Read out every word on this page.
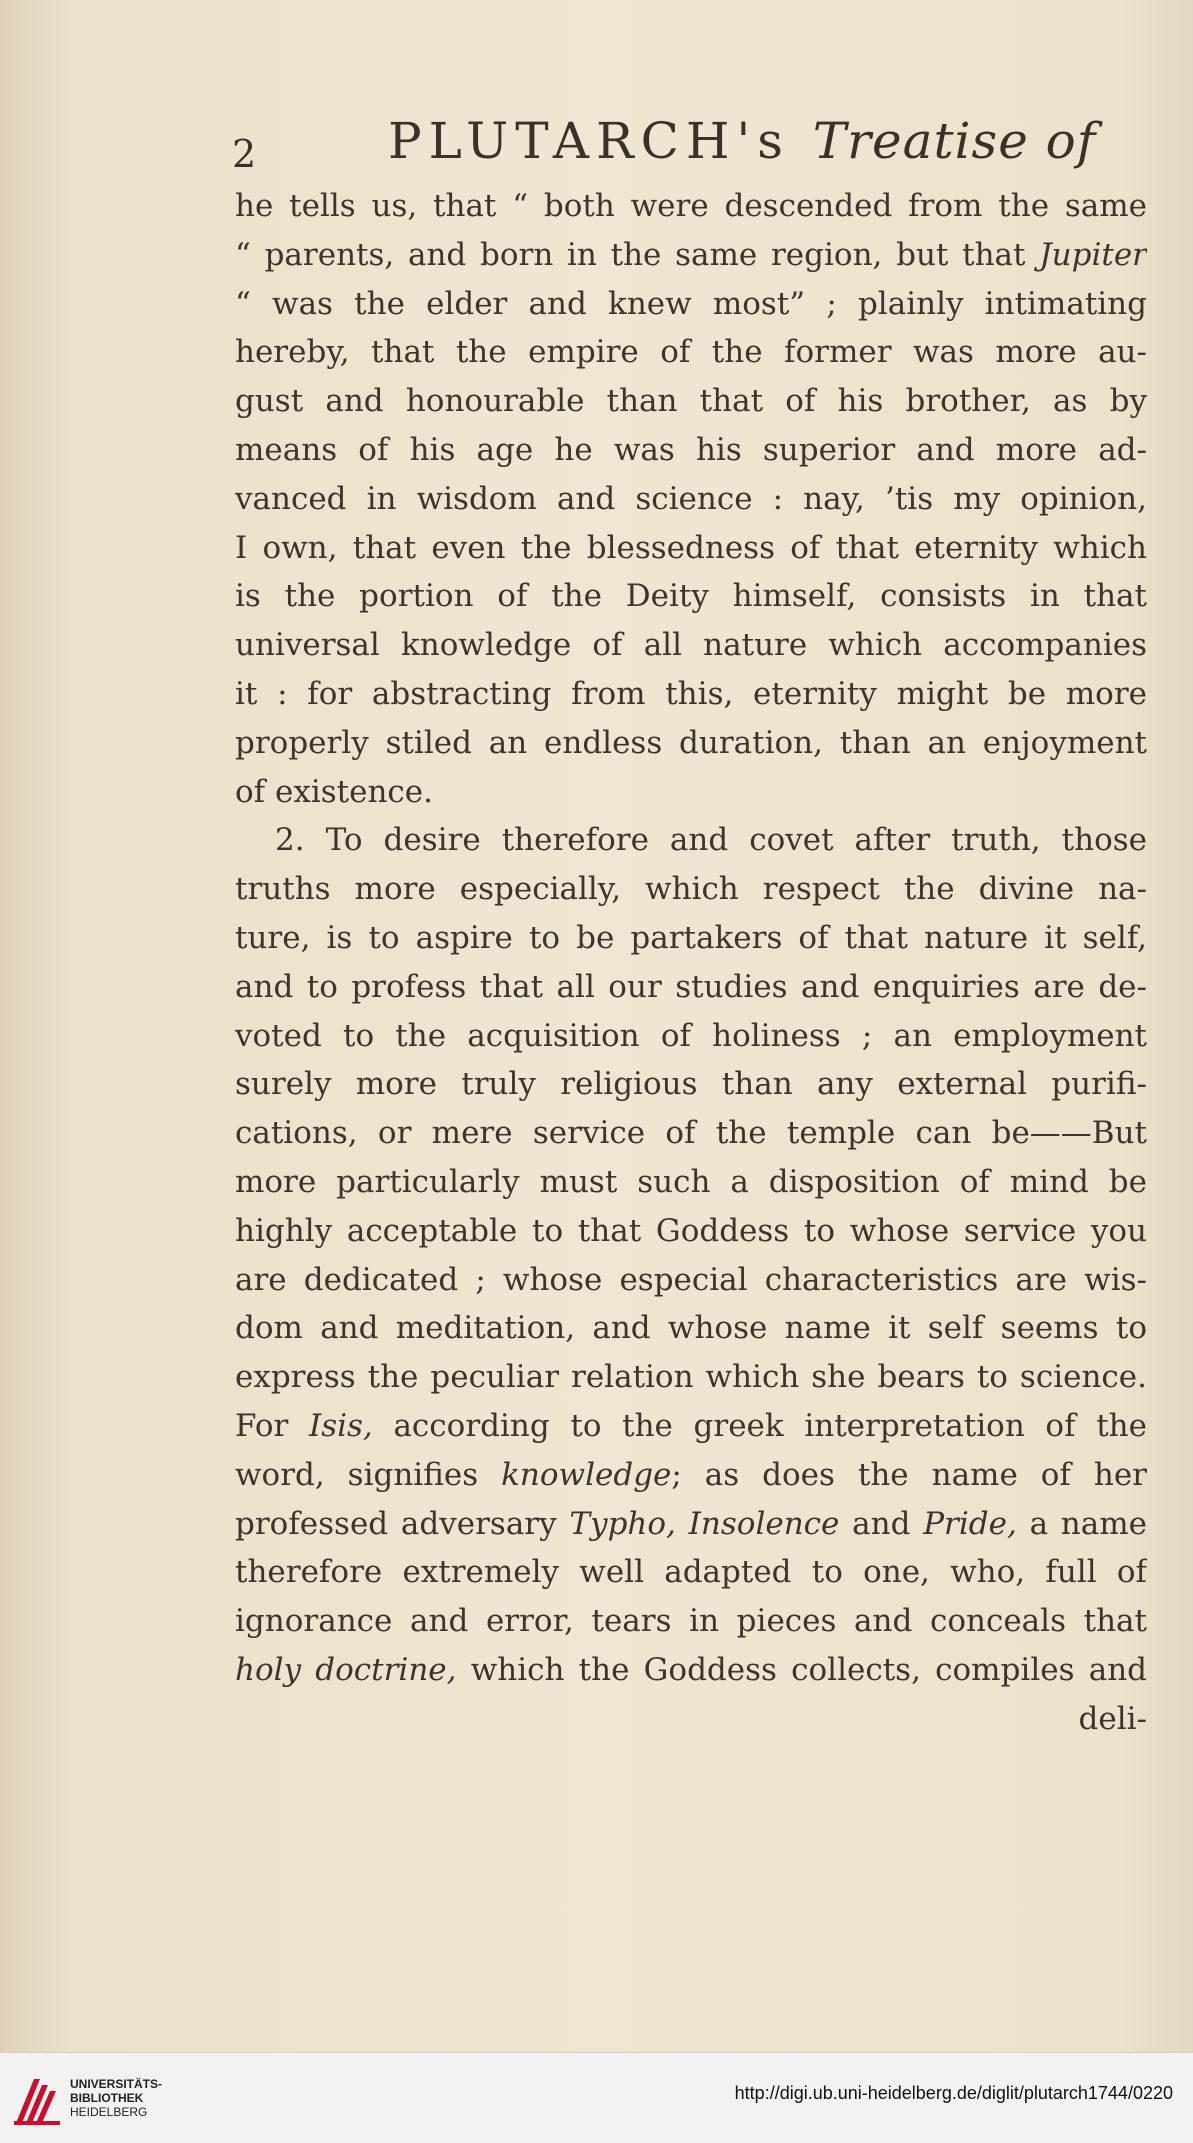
2	PLUTARCH's Treatise of
he tells us, that “ both were descended from the same
“ parents, and born in the same region, but that Jupiter
“ was the elder and knew most” ; plainly intimating
hereby, that the empire of the former was more au-
gust and honourable than that of his brother, as by
means of his age he was his superior and more ad-
vanced in wisdom and science : nay, ’tis my opinion,
I own, that even the blessedness of that eternity which
is the portion of the Deity himself, consists in that
universal knowledge of all nature which accompanies
it : for abstracting from this, eternity might be more
properly stiled an endless duration, than an enjoyment
of existence.
2. To desire therefore and covet after truth, those
truths more especially, which respect the divine na-
ture, is to aspire to be partakers of that nature it self,
and to profess that all our studies and enquiries are de-
voted to the acquisition of holiness ; an employment
surely more truly religious than any external purifi-
cations, or mere service of the temple can be——But
more particularly must such a disposition of mind be
highly acceptable to that Goddess to whose service you
are dedicated ; whose especial characteristics are wis-
dom and meditation, and whose name it self seems to
express the peculiar relation which she bears to science.
For Isis, according to the greek interpretation of the
word, signifies knowledge; as does the name of her
professed adversary Typho, Insolence and Pride, a name
therefore extremely well adapted to one, who, full of
ignorance and error, tears in pieces and conceals that
holy doctrine, which the Goddess collects, compiles and
deli-
UNIVERSITÄTS-
BIBLIOTHEK
HEIDELBERG
http://digi.ub.uni-heidelberg.de/diglit/plutarch1744/0220
